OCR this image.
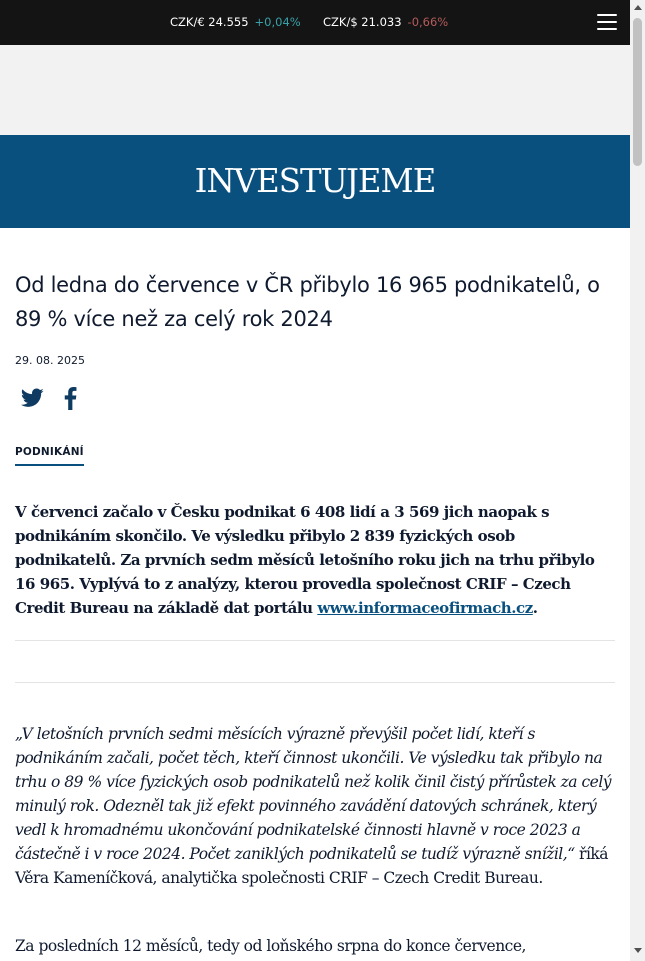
CZK/€ 24.555 +0,04% CZK/$ 21.033 -0,66%
INVESTUJEME
Od ledna do července v ČR přibylo 16 965 podnikatelů, o 89 % více než za celý rok 2024
29. 08. 2025
PODNIKÁNÍ

V červenci začalo v Česku podnikat 6 408 lidí a 3 569 jich naopak s podnikáním skončilo. Ve výsledku přibylo 2 839 fyzických osob podnikatelů. Za prvních sedm měsíců letošního roku jich na trhu přibylo 16 965. Vyplývá to z analýzy, kterou provedla společnost CRIF – Czech Credit Bureau na základě dat portálu www.informaceofirmach.cz.

„V letošních prvních sedmi měsících výrazně převýšil počet lidí, kteří s podnikáním začali, počet těch, kteří činnost ukončili. Ve výsledku tak přibylo na trhu o 89 % více fyzických osob podnikatelů než kolik činil čistý přírůstek za celý minulý rok. Odezněl tak již efekt povinného zavádění datových schránek, který vedl k hromadnému ukončování podnikatelské činnosti hlavně v roce 2023 a částečně i v roce 2024. Počet zaniklých podnikatelů se tudíž výrazně snížil,“ říká Věra Kameníčková, analytička společnosti CRIF – Czech Credit Bureau.

Za posledních 12 měsíců, tedy od loňského srpna do konce července,
